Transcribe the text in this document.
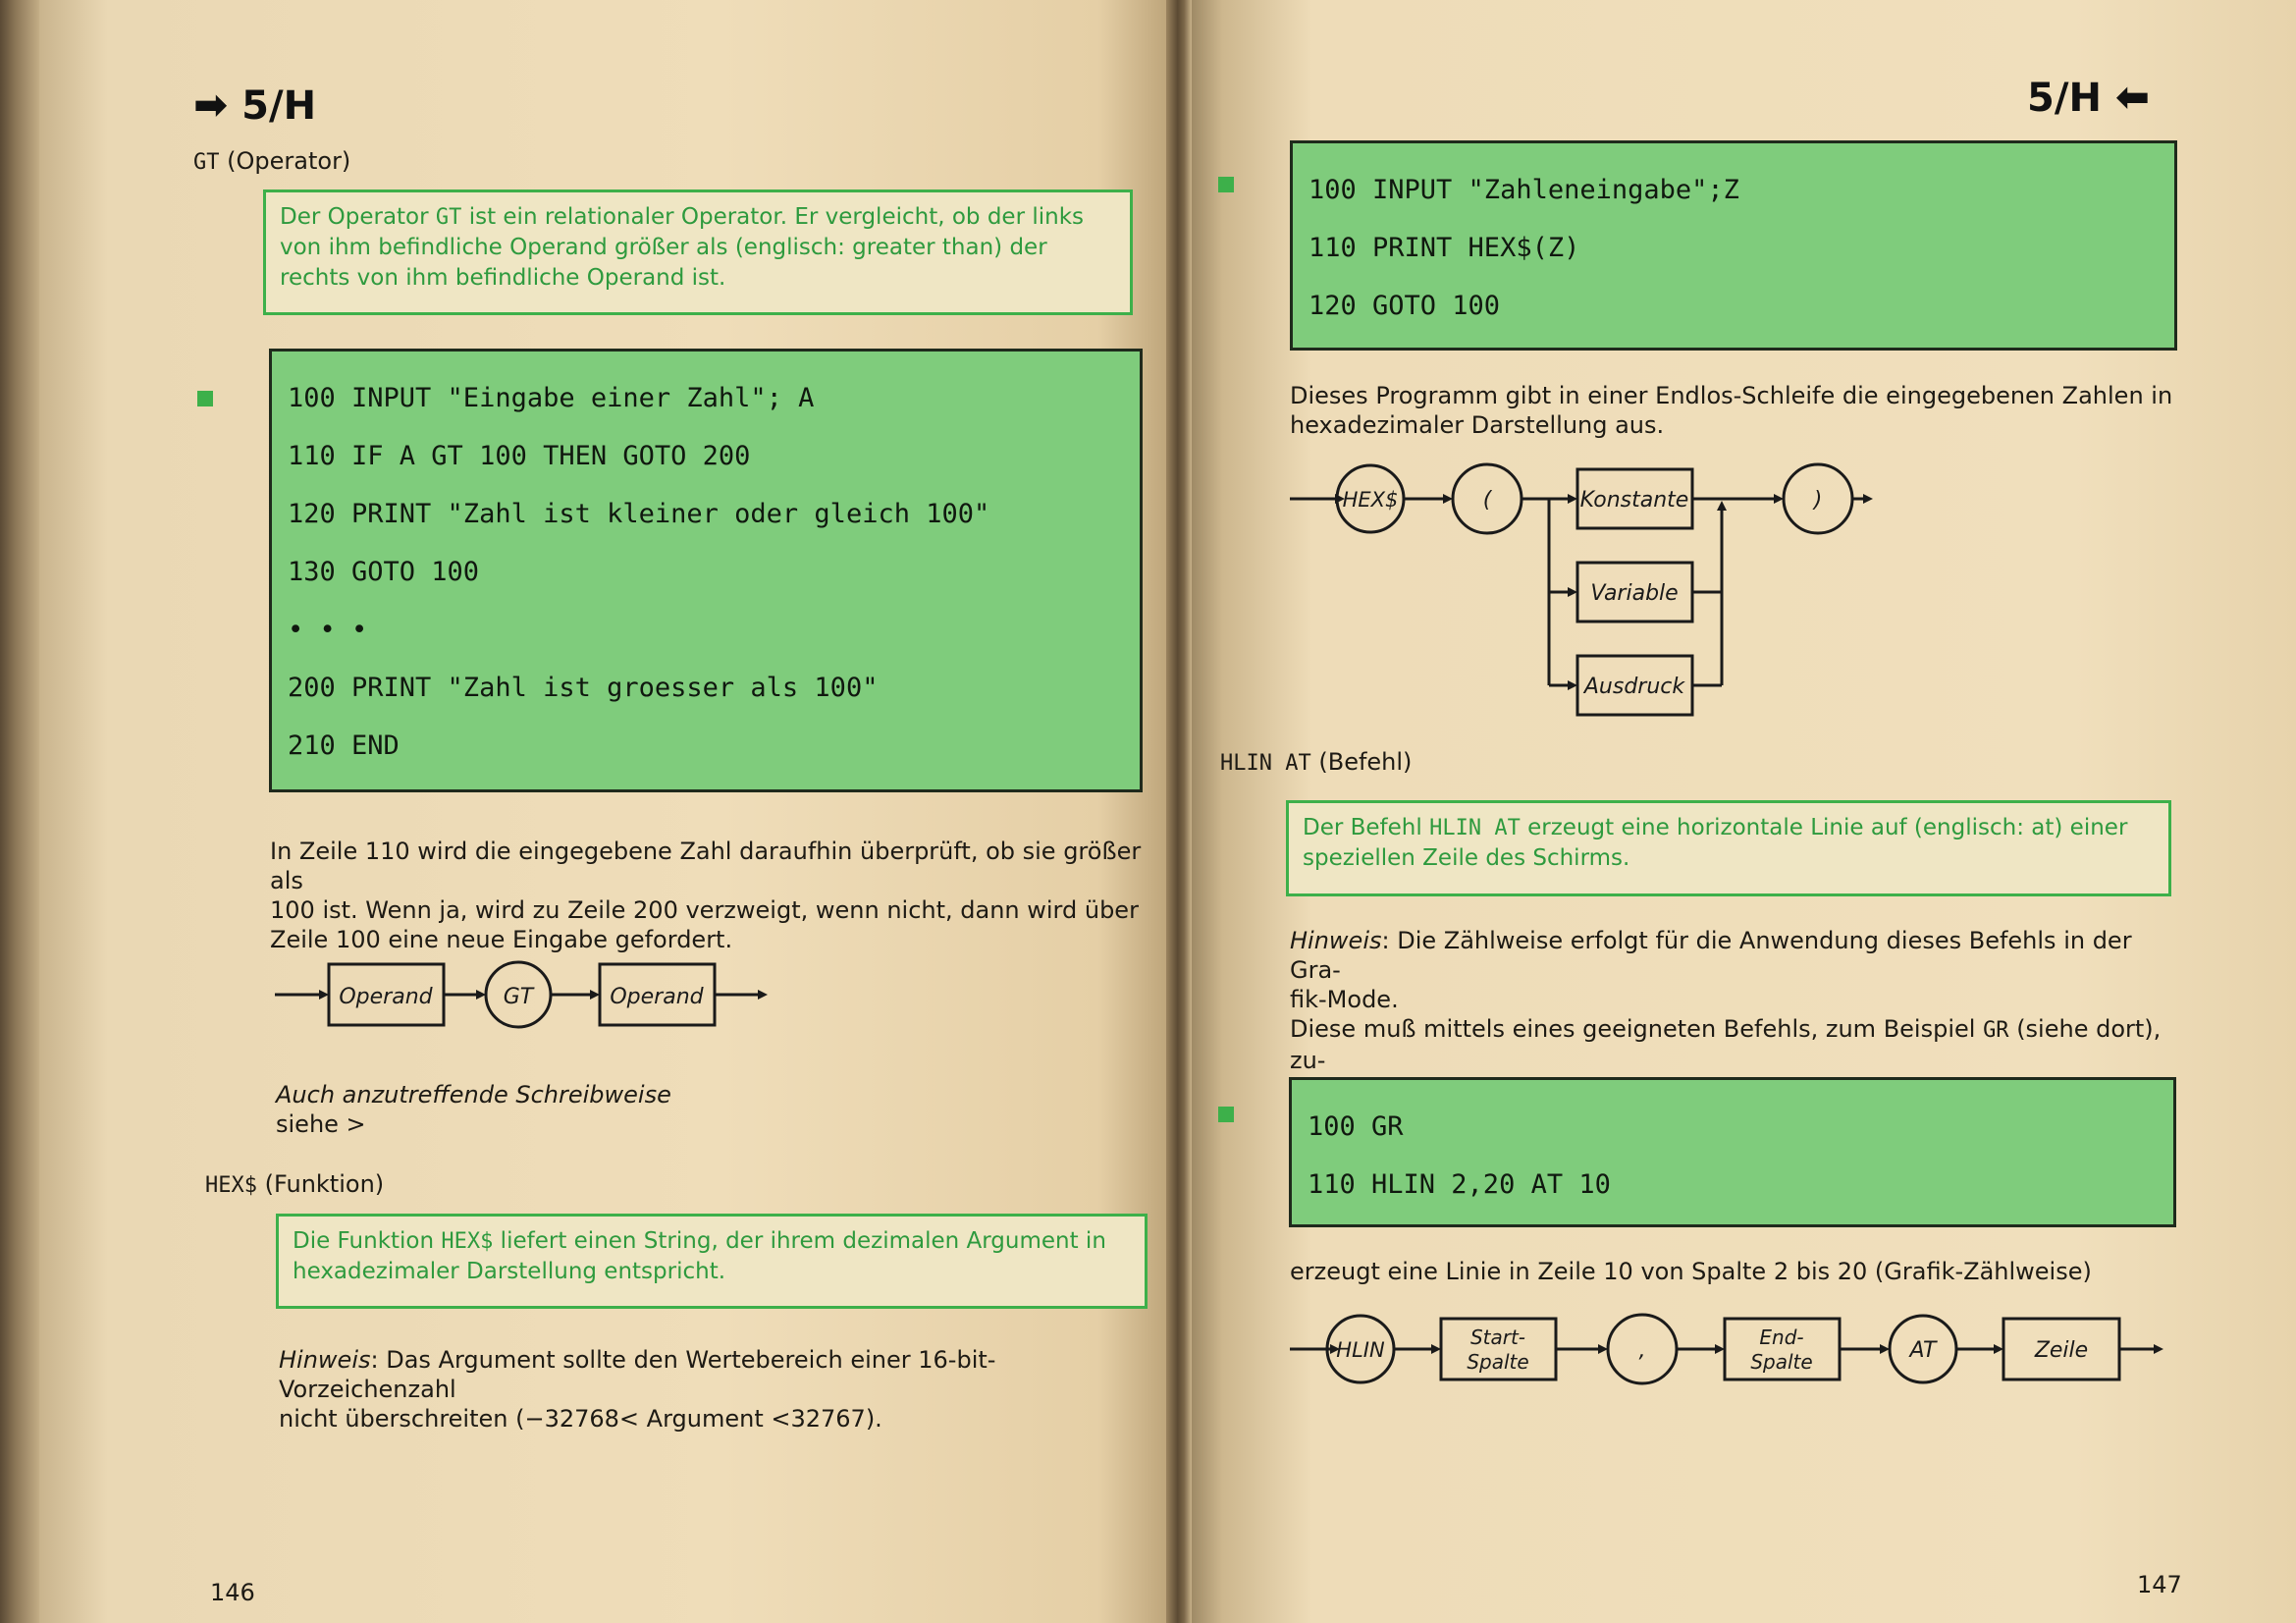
➡ 5/H
GT (Operator)
Der Operator GT ist ein relationaler Operator. Er vergleicht, ob der links
von ihm befindliche Operand größer als (englisch: greater than) der
rechts von ihm befindliche Operand ist.
100 INPUT "Eingabe einer Zahl"; A
110 IF A GT 100 THEN GOTO 200
120 PRINT "Zahl ist kleiner oder gleich 100"
130 GOTO 100
• • •
200 PRINT "Zahl ist groesser als 100"
210 END
In Zeile 110 wird die eingegebene Zahl daraufhin überprüft, ob sie größer als
100 ist. Wenn ja, wird zu Zeile 200 verzweigt, wenn nicht, dann wird über
Zeile 100 eine neue Eingabe gefordert.
Operand	GT	Operand
Auch anzutreffende Schreibweise
siehe >
HEX$ (Funktion)
Die Funktion HEX$ liefert einen String, der ihrem dezimalen Argument in
hexadezimaler Darstellung entspricht.
Hinweis: Das Argument sollte den Wertebereich einer 16-bit-Vorzeichenzahl
nicht überschreiten (−32768< Argument <32767).
146
5/H ⬅
100 INPUT "Zahleneingabe";Z
110 PRINT HEX$(Z)
120 GOTO 100
Dieses Programm gibt in einer Endlos-Schleife die eingegebenen Zahlen in
hexadezimaler Darstellung aus.
HEX$	(	)
Konstante
Variable
Ausdruck
HLIN AT (Befehl)
Der Befehl HLIN AT erzeugt eine horizontale Linie auf (englisch: at) einer
speziellen Zeile des Schirms.
Hinweis: Die Zählweise erfolgt für die Anwendung dieses Befehls in der Gra-
fik-Mode.
Diese muß mittels eines geeigneten Befehls, zum Beispiel GR (siehe dort), zu-
100 GR
110 HLIN 2,20 AT 10
erzeugt eine Linie in Zeile 10 von Spalte 2 bis 20 (Grafik-Zählweise)
HLIN
Start-
Spalte	,
End-
Spalte	AT	Zeile
147
